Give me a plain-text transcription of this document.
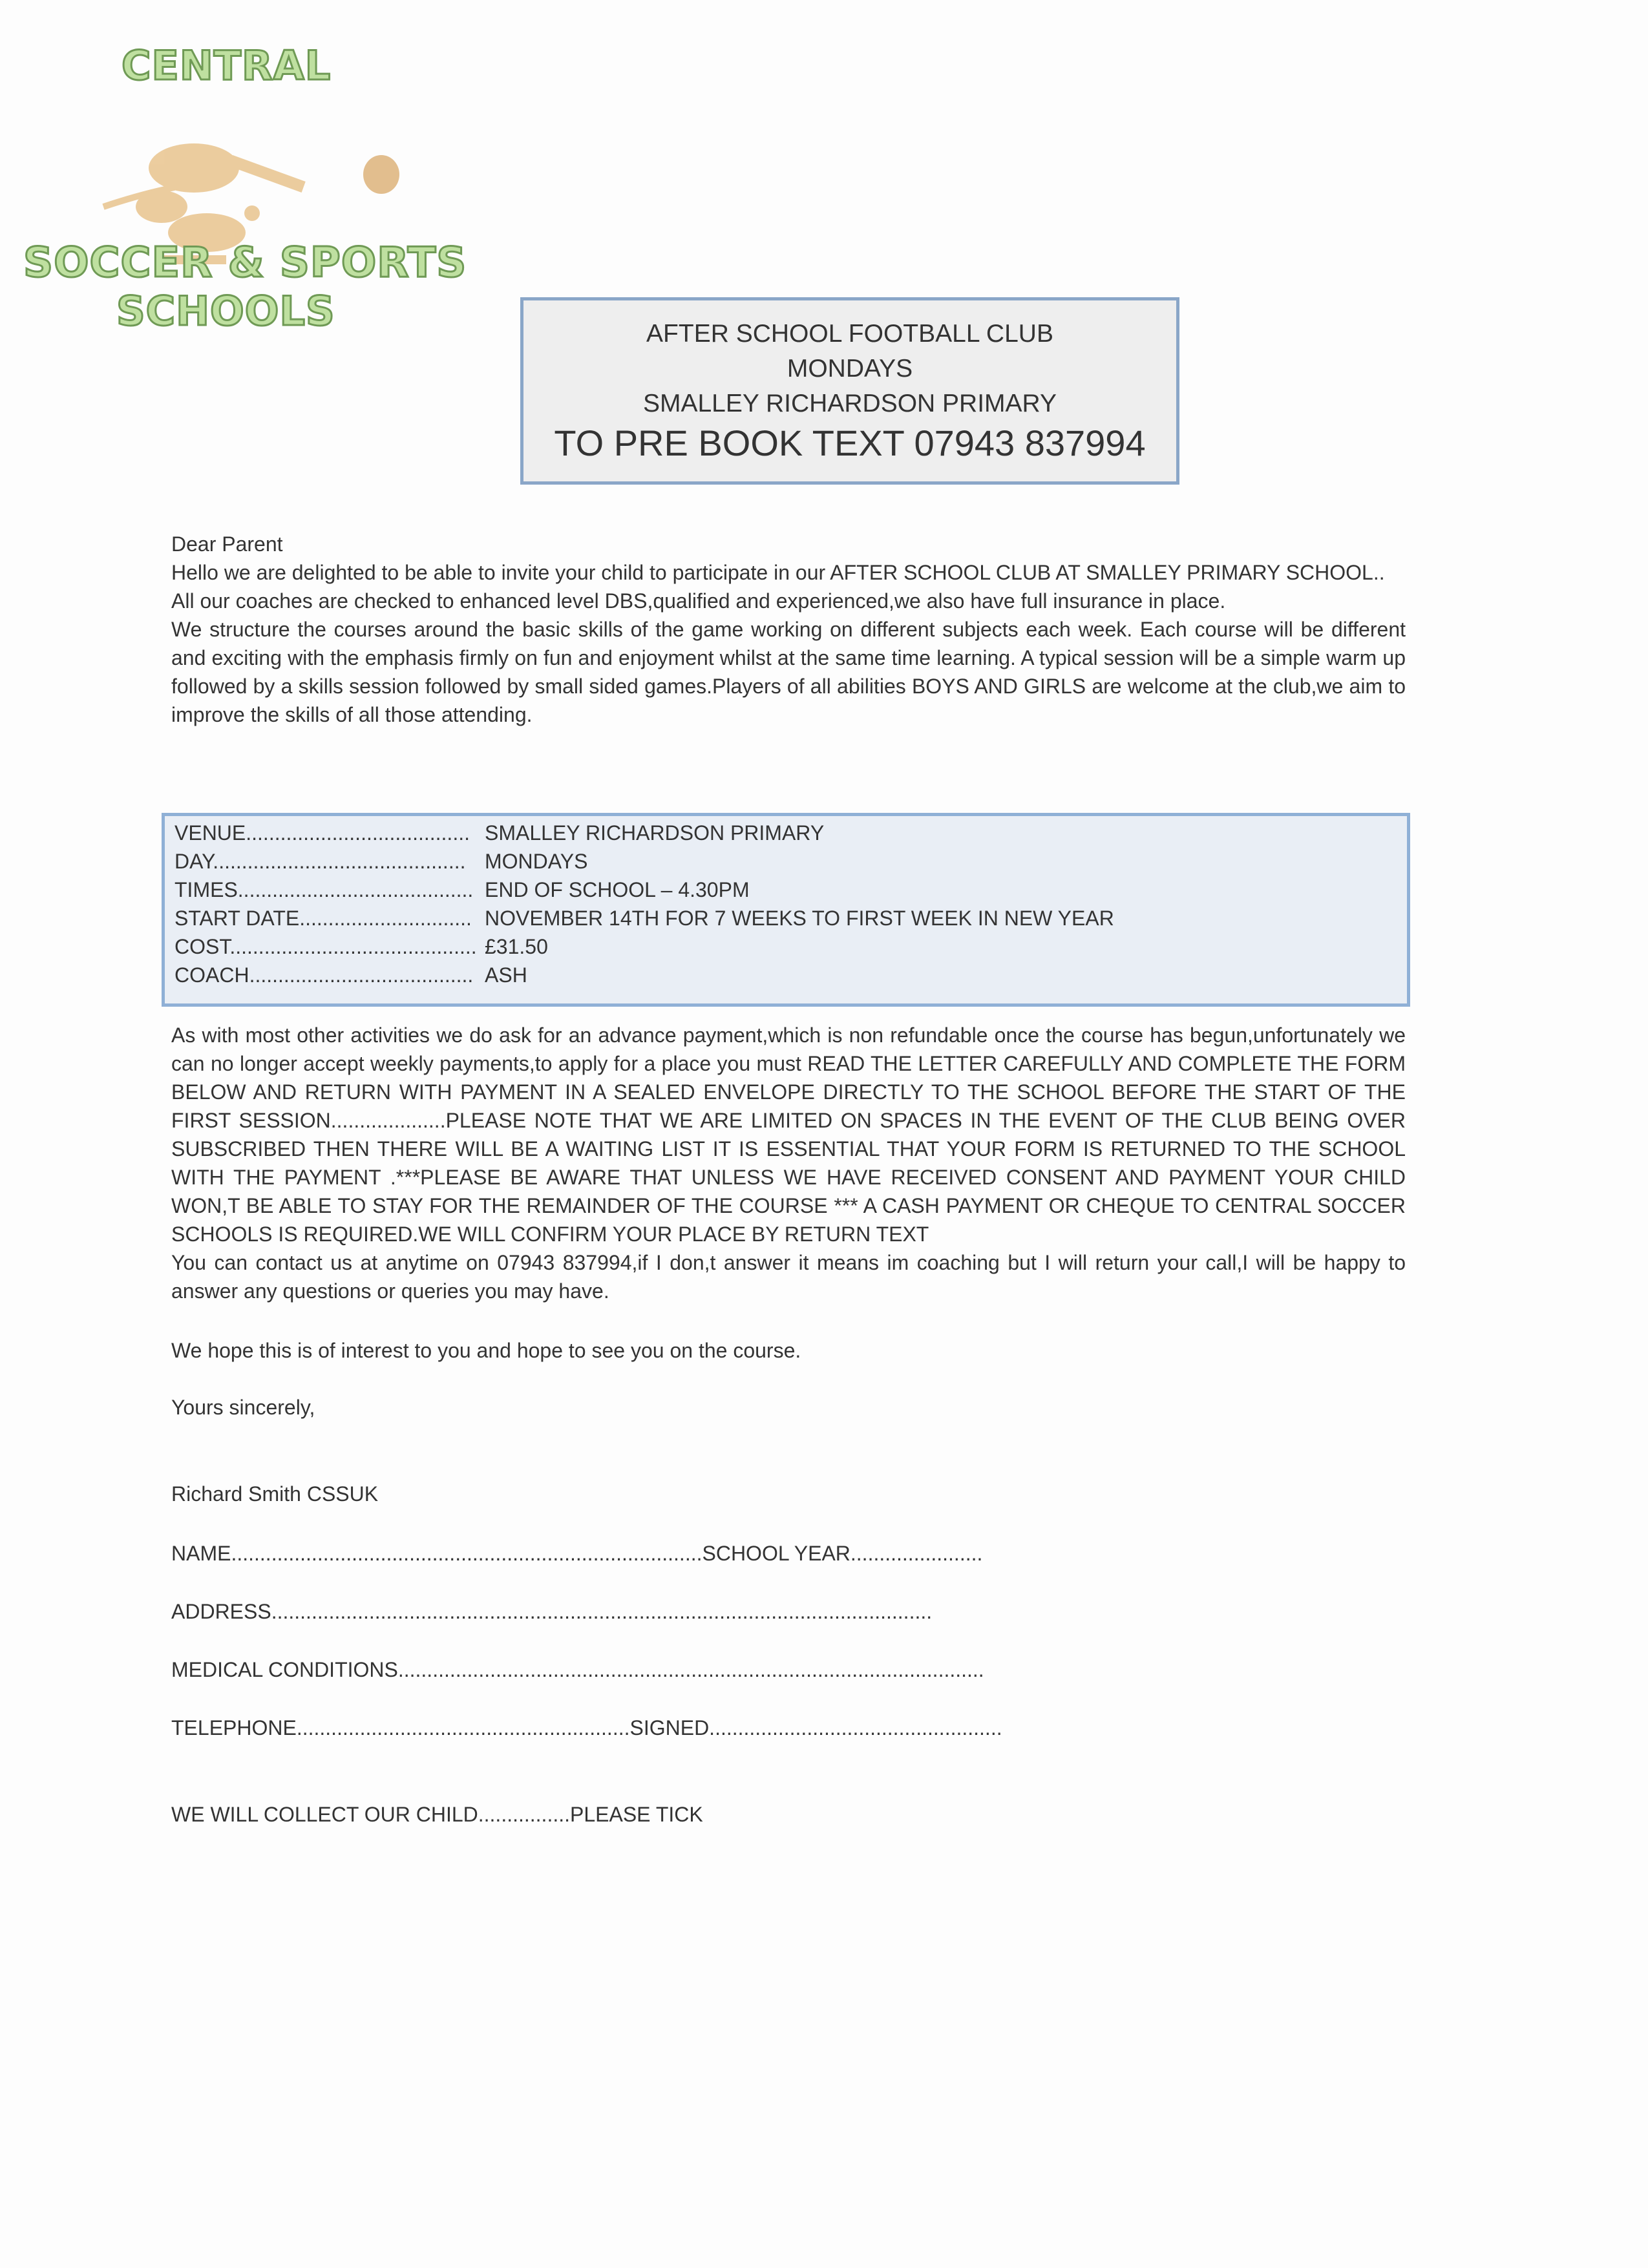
CENTRAL
SOCCER & SPORTS
SCHOOLS	AFTER SCHOOL FOOTBALL CLUB
MONDAYS
SMALLEY RICHARDSON PRIMARY
TO PRE BOOK TEXT 07943 837994

Dear Parent

Hello we are delighted to be able to invite your child to participate in our AFTER SCHOOL CLUB AT SMALLEY PRIMARY SCHOOL..

All our coaches are checked to enhanced level DBS,qualified and experienced,we also have full insurance in place.

We structure the courses around the basic skills of the game working on different subjects each week. Each course will be different and exciting with the emphasis firmly on fun and enjoyment whilst at the same time learning. A typical session will be a simple warm up followed by a skills session followed by small sided games.Players of all abilities BOYS AND GIRLS are welcome at the club,we aim to improve the skills of all those attending.

VENUE....................................... SMALLEY RICHARDSON PRIMARY
DAY............................................ MONDAYS
TIMES......................................... END OF SCHOOL – 4.30PM
START DATE.............................. NOVEMBER 14TH FOR 7 WEEKS TO FIRST WEEK IN NEW YEAR
COST........................................... £31.50
COACH....................................... ASH

As with most other activities we do ask for an advance payment,which is non refundable once the course has begun,unfortunately we can no longer accept weekly payments,to apply for a place you must READ THE LETTER CAREFULLY AND COMPLETE THE FORM BELOW AND RETURN WITH PAYMENT IN A SEALED ENVELOPE DIRECTLY TO THE SCHOOL BEFORE THE START OF THE FIRST SESSION....................PLEASE NOTE THAT WE ARE LIMITED ON SPACES IN THE EVENT OF THE CLUB BEING OVER SUBSCRIBED THEN THERE WILL BE A WAITING LIST IT IS ESSENTIAL THAT YOUR FORM IS RETURNED TO THE SCHOOL WITH THE PAYMENT .***PLEASE BE AWARE THAT UNLESS WE HAVE RECEIVED CONSENT AND PAYMENT YOUR CHILD WON,T BE ABLE TO STAY FOR THE REMAINDER OF THE COURSE *** A CASH PAYMENT OR CHEQUE TO CENTRAL SOCCER SCHOOLS IS REQUIRED.WE WILL CONFIRM YOUR PLACE BY RETURN TEXT

You can contact us at anytime on 07943 837994,if I don,t answer it means im coaching but I will return your call,I will be happy to answer any questions or queries you may have.

We hope this is of interest to you and hope to see you on the course.
Yours sincerely,
Richard Smith CSSUK
NAME..................................................................................SCHOOL YEAR.......................
ADDRESS...................................................................................................................
MEDICAL CONDITIONS......................................................................................................
TELEPHONE..........................................................SIGNED...................................................
WE WILL COLLECT OUR CHILD................PLEASE TICK
